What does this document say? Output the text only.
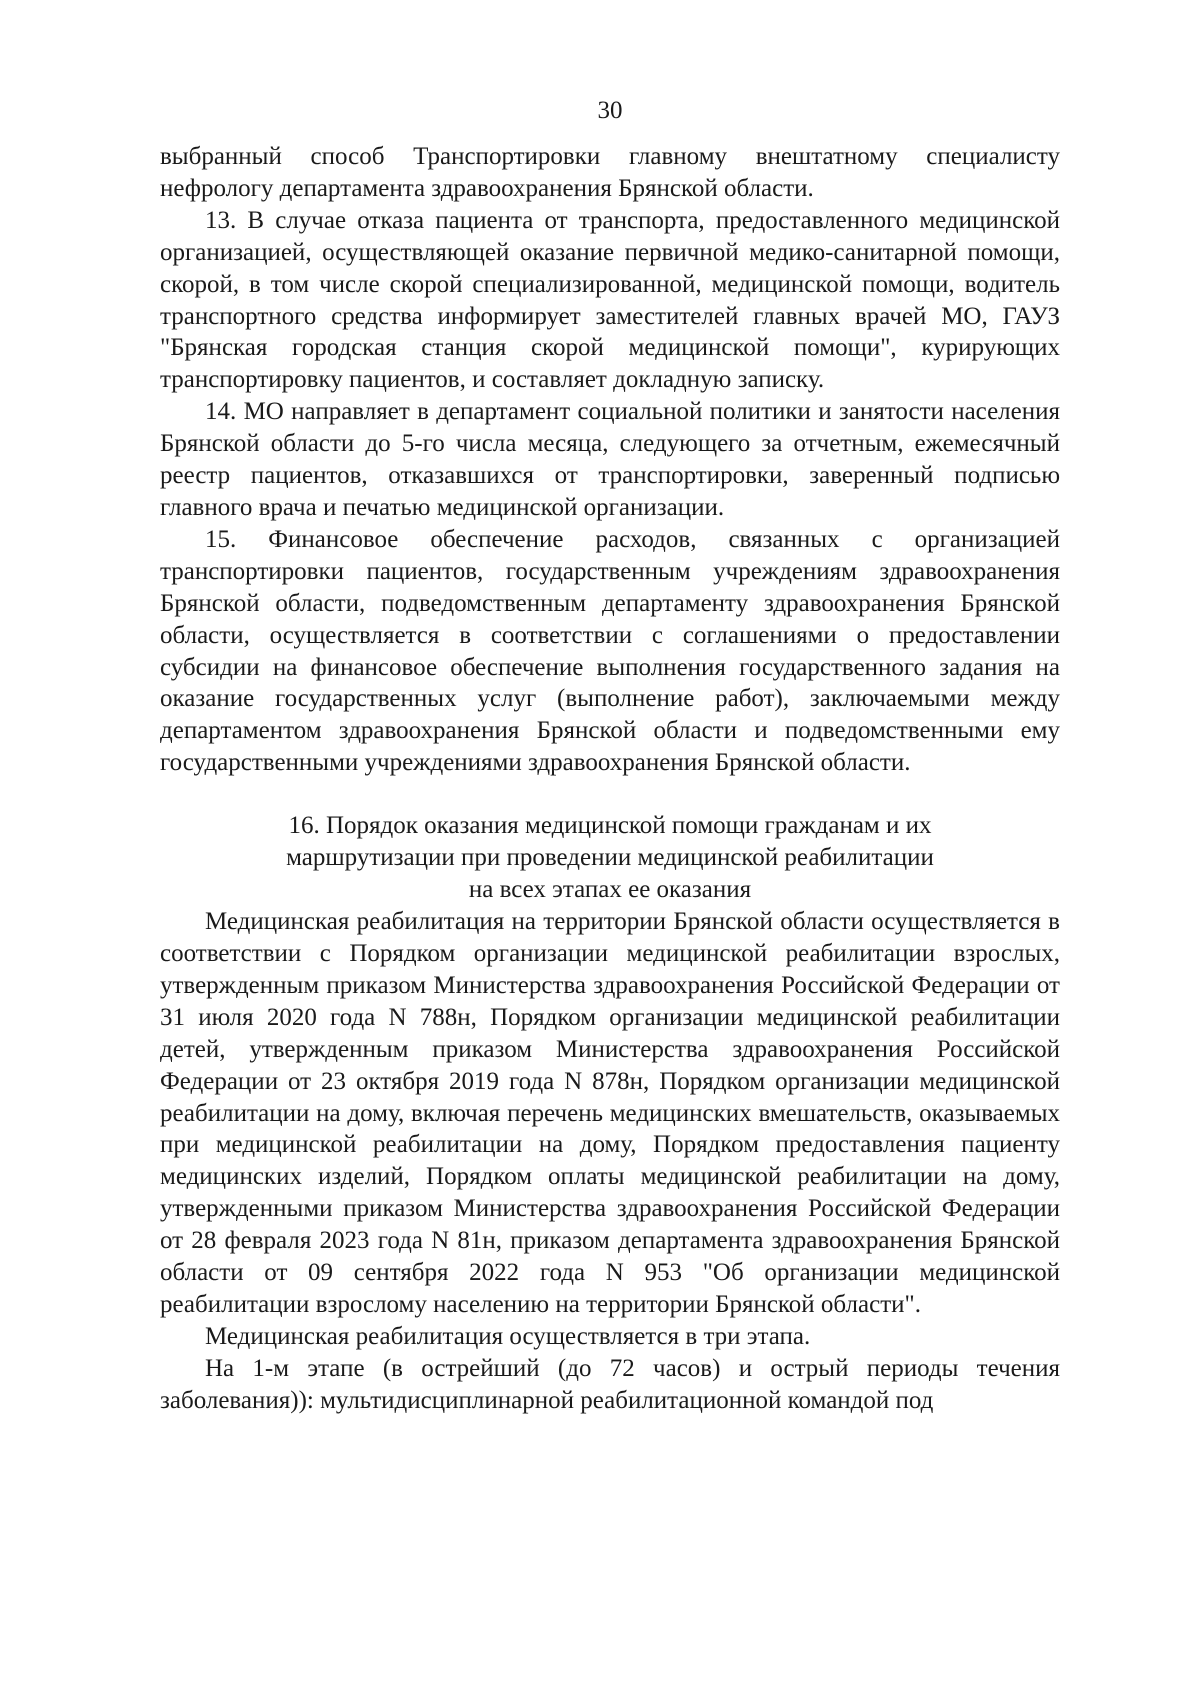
30

выбранный способ Транспортировки главному внештатному специалисту нефрологу департамента здравоохранения Брянской области.

13. В случае отказа пациента от транспорта, предоставленного медицинской организацией, осуществляющей оказание первичной медико-санитарной помощи, скорой, в том числе скорой специализированной, медицинской помощи, водитель транспортного средства информирует заместителей главных врачей МО, ГАУЗ "Брянская городская станция скорой медицинской помощи", курирующих транспортировку пациентов, и составляет докладную записку.

14. МО направляет в департамент социальной политики и занятости населения Брянской области до 5-го числа месяца, следующего за отчетным, ежемесячный реестр пациентов, отказавшихся от транспортировки, заверенный подписью главного врача и печатью медицинской организации.

15. Финансовое обеспечение расходов, связанных с организацией транспортировки пациентов, государственным учреждениям здравоохранения Брянской области, подведомственным департаменту здравоохранения Брянской области, осуществляется в соответствии с соглашениями о предоставлении субсидии на финансовое обеспечение выполнения государственного задания на оказание государственных услуг (выполнение работ), заключаемыми между департаментом здравоохранения Брянской области и подведомственными ему государственными учреждениями здравоохранения Брянской области.

16. Порядок оказания медицинской помощи гражданам и их
маршрутизации при проведении медицинской реабилитации
на всех этапах ее оказания

Медицинская реабилитация на территории Брянской области осуществляется в соответствии с Порядком организации медицинской реабилитации взрослых, утвержденным приказом Министерства здравоохранения Российской Федерации от 31 июля 2020 года N 788н, Порядком организации медицинской реабилитации детей, утвержденным приказом Министерства здравоохранения Российской Федерации от 23 октября 2019 года N 878н, Порядком организации медицинской реабилитации на дому, включая перечень медицинских вмешательств, оказываемых при медицинской реабилитации на дому, Порядком предоставления пациенту медицинских изделий, Порядком оплаты медицинской реабилитации на дому, утвержденными приказом Министерства здравоохранения Российской Федерации от 28 февраля 2023 года N 81н, приказом департамента здравоохранения Брянской области от 09 сентября 2022 года N 953 "Об организации медицинской реабилитации взрослому населению на территории Брянской области".

Медицинская реабилитация осуществляется в три этапа.

На 1-м этапе (в острейший (до 72 часов) и острый периоды течения заболевания)): мультидисциплинарной реабилитационной командой под
